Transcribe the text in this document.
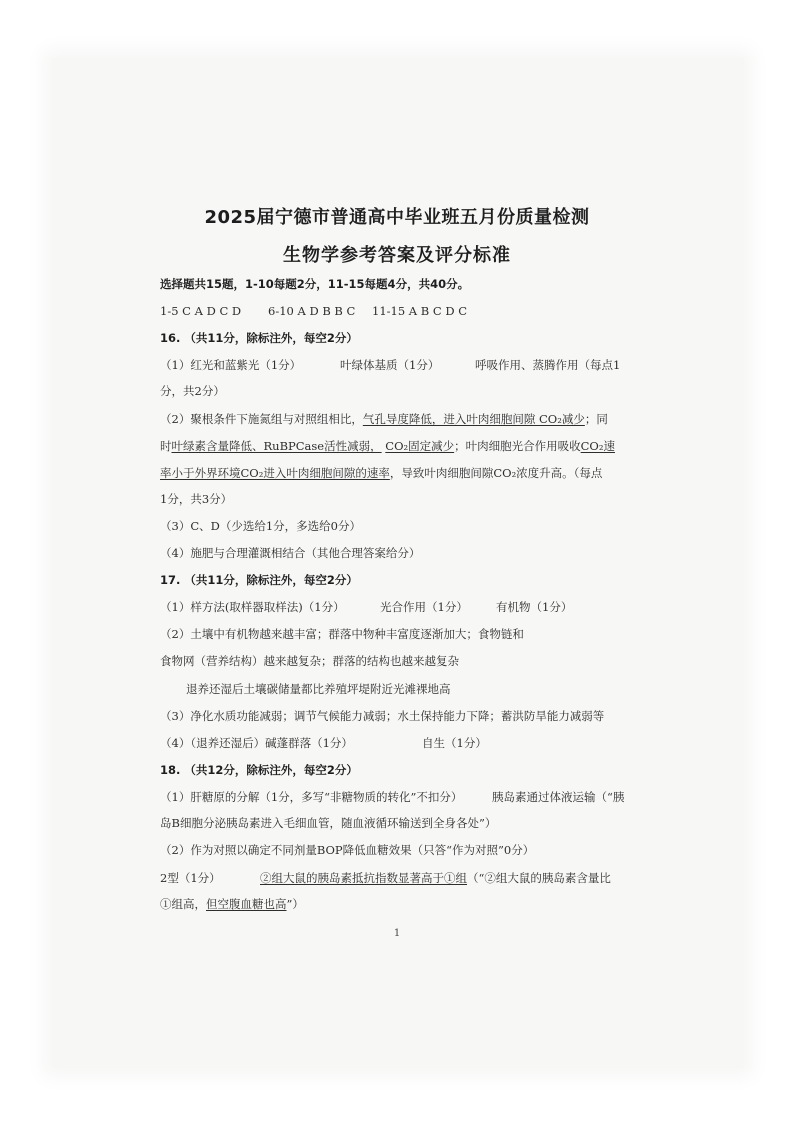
2025届宁德市普通高中毕业班五月份质量检测
生物学参考答案及评分标准
选择题共15题，1-10每题2分，11-15每题4分，共40分。
1-5 C A D C D 6-10 A D B B C 11-15 A B C D C
16. （共11分，除标注外，每空2分）
（1）红光和蓝紫光（1分）	叶绿体基质（1分）	呼吸作用、蒸腾作用（每点1
分，共2分）
（2）聚根条件下施氮组与对照组相比，气孔导度降低，进入叶肉细胞间隙 CO₂减少；同
时叶绿素含量降低、RuBPCase活性减弱， CO₂固定减少；叶肉细胞光合作用吸收CO₂速
率小于外界环境CO₂进入叶肉细胞间隙的速率，导致叶肉细胞间隙CO₂浓度升高。（每点
1分，共3分）
（3）C、D（少选给1分，多选给0分）
（4）施肥与合理灌溉相结合（其他合理答案给分）
17. （共11分，除标注外，每空2分）
（1）样方法(取样器取样法)（1分）	光合作用（1分） 有机物（1分）
（2）土壤中有机物越来越丰富；群落中物种丰富度逐渐加大；食物链和
食物网（营养结构）越来越复杂；群落的结构也越来越复杂
退养还湿后土壤碳储量都比养殖坪堤附近光滩裸地高
（3）净化水质功能减弱；调节气候能力减弱；水土保持能力下降；蓄洪防旱能力减弱等
（4）（退养还湿后）碱蓬群落（1分）	自生（1分）
18. （共12分，除标注外，每空2分）
（1）肝糖原的分解（1分，多写“非糖物质的转化”不扣分）	胰岛素通过体液运输（“胰
岛B细胞分泌胰岛素进入毛细血管，随血液循环输送到全身各处”）
（2）作为对照以确定不同剂量BOP降低血糖效果（只答“作为对照”0分）
2型（1分）	②组大鼠的胰岛素抵抗指数显著高于①组（“②组大鼠的胰岛素含量比
①组高，但空腹血糖也高”）
1
